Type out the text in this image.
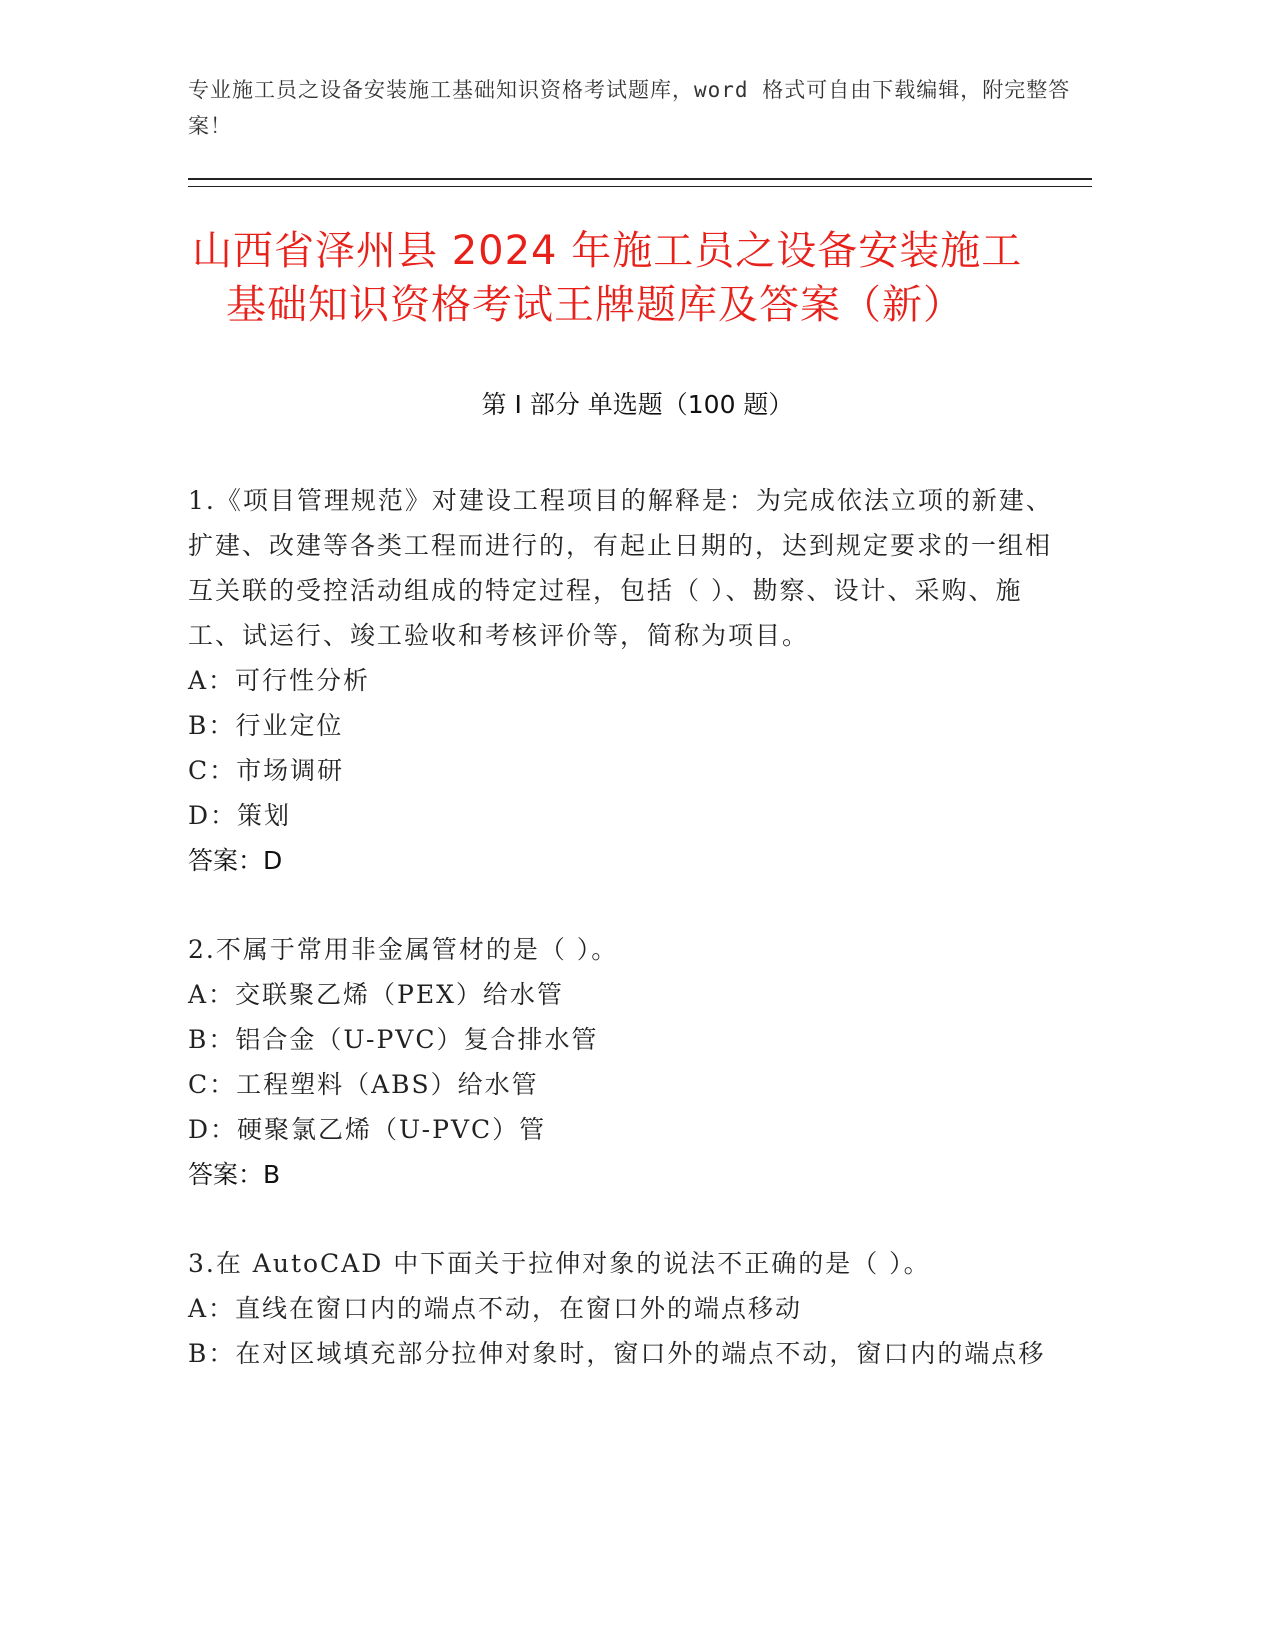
专业施工员之设备安装施工基础知识资格考试题库，word 格式可自由下载编辑，附完整答案！
山西省泽州县 2024 年施工员之设备安装施工
基础知识资格考试王牌题库及答案（新）
第 I 部分 单选题（100 题）
1.《项目管理规范》对建设工程项目的解释是：为完成依法立项的新建、扩建、改建等各类工程而进行的，有起止日期的，达到规定要求的一组相互关联的受控活动组成的特定过程，包括（ ）、勘察、设计、采购、施工、试运行、竣工验收和考核评价等，简称为项目。
A：可行性分析
B：行业定位
C：市场调研
D：策划
答案：D
2.不属于常用非金属管材的是（ ）。
A：交联聚乙烯（PEX）给水管
B：铝合金（U-PVC）复合排水管
C：工程塑料（ABS）给水管
D：硬聚氯乙烯（U-PVC）管
答案：B
3.在 AutoCAD 中下面关于拉伸对象的说法不正确的是（ ）。
A：直线在窗口内的端点不动，在窗口外的端点移动
B：在对区域填充部分拉伸对象时，窗口外的端点不动，窗口内的端点移
